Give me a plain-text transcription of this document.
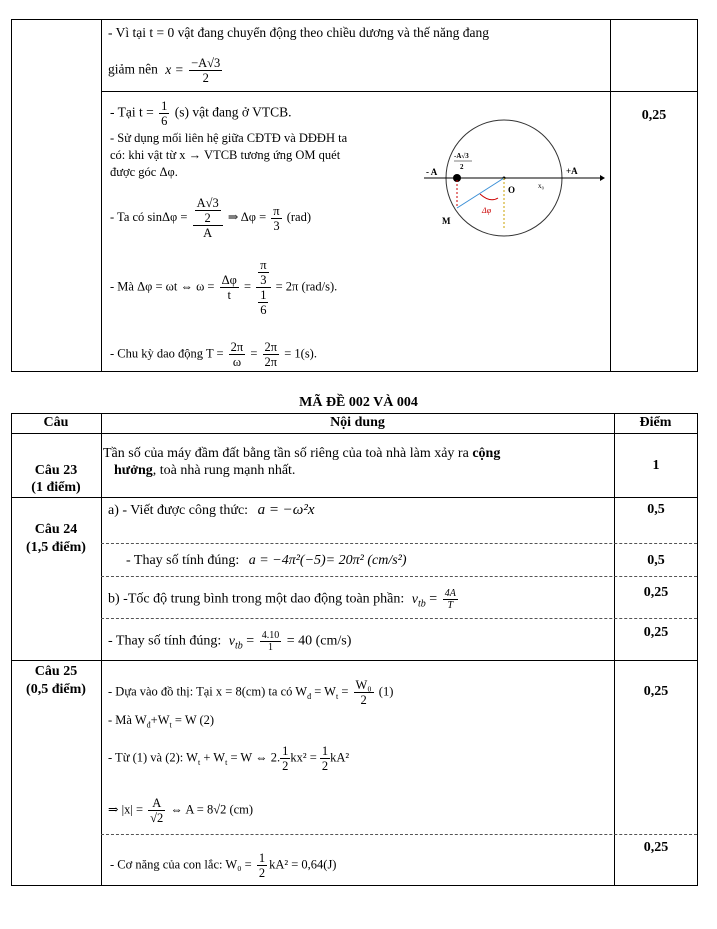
- Vì tại t = 0 vật đang chuyển động theo chiều dương và thế năng đang
giảm nên $x = \frac{-A√3}{2}$
- Tại $t = \frac{1}{6} (s)$ vật đang ở VTCB.
- Sử dụng mối liên hệ giữa CĐTĐ và DĐĐH ta
có: khi vật từ x → VTCB tương ứng OM quét
được góc Δφ.
- Ta có $\sin\Delta\varphi = \frac{\frac{A√3}{2}}{A}$ ⇒ $\Delta\varphi = \frac{\pi}{3} (rad)$
- Mà Δφ = ωt ⇔ $\omega = \frac{\Delta\varphi}{t} = \frac{\frac{\pi}{3}}{\frac{1}{6}} = 2\pi$ (rad/s).
- Chu kỳ dao động $T = \frac{2\pi}{\omega} = \frac{2\pi}{2\pi} = 1(s)$.
0,25
- A
-A√3
2	+A
O	x₀
M
Δφ
MÃ ĐỀ 002 VÀ 004
Câu	Nội dung	Điểm
Câu 23
(1 điểm)
Tần số của máy đầm đất bằng tần số riêng của toà nhà làm xảy ra cộng
hưởng, toà nhà rung mạnh nhất.	1
Câu 24
(1,5 điểm)
a) - Viết được công thức: a = −ω²x	0,5
- Thay số tính đúng: a = −4π²(−5)= 20π² (cm/s²)	0,5
b) -Tốc độ trung bình trong một dao động toàn phần: $v_{tb} = \frac{4A}{T}$	0,25
- Thay số tính đúng: $v_{tb} = \frac{4.10}{1} = 40$ (cm/s)
0,25
Câu 25
(0,5 điểm)	- Dựa vào đồ thị: Tại x = 8(cm) ta có $W_đ = W_t = \frac{\text{W₀}}{2} (1)$	0,25
- Mà $W_đ+W_t = W$ (2)
- Từ (1) và (2): $W_t + W_t = W$ ⇔ 2. $\frac{1}{2} kx^2 = \frac{1}{2} kA^2$
⇒ $|x| = \frac{A}{√2}$ ⇔ A = 8√2 (cm)
- Cơ năng của con lắc: $W_0 = \frac{1}{2} kA^2 = 0,64(J)$
0,25
